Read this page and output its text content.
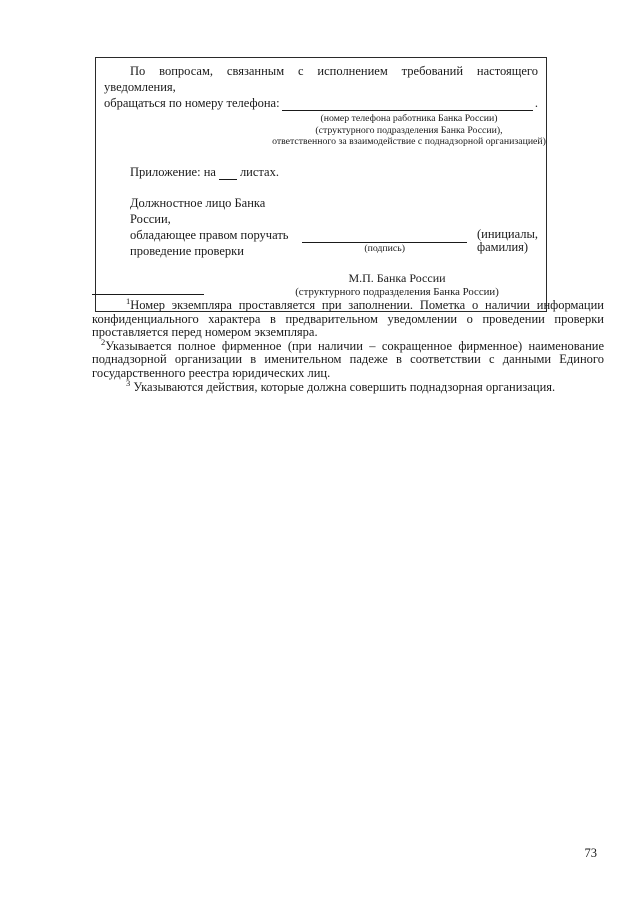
По вопросам, связанным с исполнением требований настоящего уведомления,
обращаться по номеру телефона:	.
(номер телефона работника Банка России)
(структурного подразделения Банка России),
ответственного за взаимодействие с поднадзорной организацией)
Приложение: на листах.
Должностное лицо Банка России,
обладающее правом поручать
проведение проверки	(подпись)
(инициалы,
фамилия)
М.П. Банка России
(структурного подразделения Банка России)

$^1$Номер экземпляра проставляется при заполнении. Пометка о наличии информации конфиденциального характера в предварительном уведомлении о проведении проверки проставляется перед номером экземпляра.

$^2$Указывается полное фирменное (при наличии – сокращенное фирменное) наименование поднадзорной организации в именительном падеже в соответствии с данными Единого государственного реестра юридических лиц.

$^3$ Указываются действия, которые должна совершить поднадзорная организация.

73
